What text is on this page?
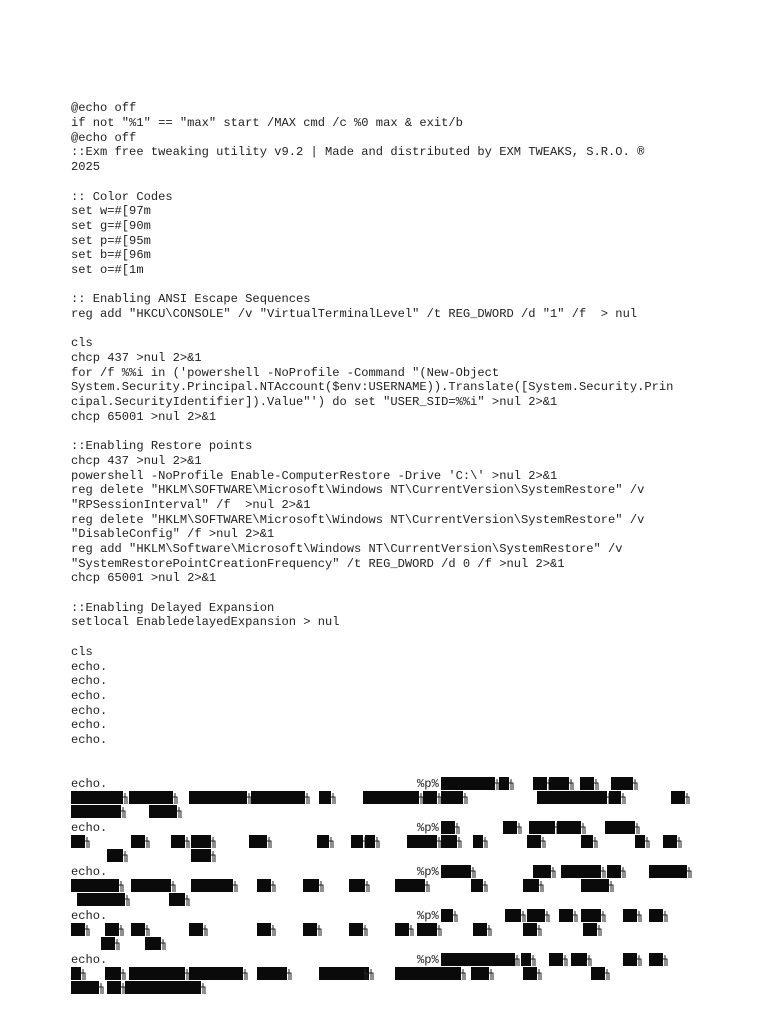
@echo off
if not "%1" == "max" start /MAX cmd /c %0 max & exit/b
@echo off
::Exm free tweaking utility v9.2 | Made and distributed by EXM TWEAKS, S.R.O. ®
2025
:: Color Codes
set w=#[97m
set g=#[90m
set p=#[95m
set b=#[96m
set o=#[1m
:: Enabling ANSI Escape Sequences
reg add "HKCU\CONSOLE" /v "VirtualTerminalLevel" /t REG_DWORD /d "1" /f  > nul
cls
chcp 437 >nul 2>&1
for /f %%i in ('powershell -NoProfile -Command "(New-Object
System.Security.Principal.NTAccount($env:USERNAME)).Translate([System.Security.Prin
cipal.SecurityIdentifier]).Value"') do set "USER_SID=%%i" >nul 2>&1
chcp 65001 >nul 2>&1
::Enabling Restore points
chcp 437 >nul 2>&1
powershell -NoProfile Enable-ComputerRestore -Drive 'C:\' >nul 2>&1
reg delete "HKLM\SOFTWARE\Microsoft\Windows NT\CurrentVersion\SystemRestore" /v
"RPSessionInterval" /f  >nul 2>&1
reg delete "HKLM\SOFTWARE\Microsoft\Windows NT\CurrentVersion\SystemRestore" /v
"DisableConfig" /f >nul 2>&1
reg add "HKLM\Software\Microsoft\Windows NT\CurrentVersion\SystemRestore" /v
"SystemRestorePointCreationFrequency" /t REG_DWORD /d 0 /f >nul 2>&1
chcp 65001 >nul 2>&1
::Enabling Delayed Expansion
setlocal EnabledelayedExpansion > nul
cls
echo.
echo.
echo.
echo.
echo.
echo.

echo.	%p%
echo.	%p%
echo.	%p%
echo.	%p%
echo.	%p%
